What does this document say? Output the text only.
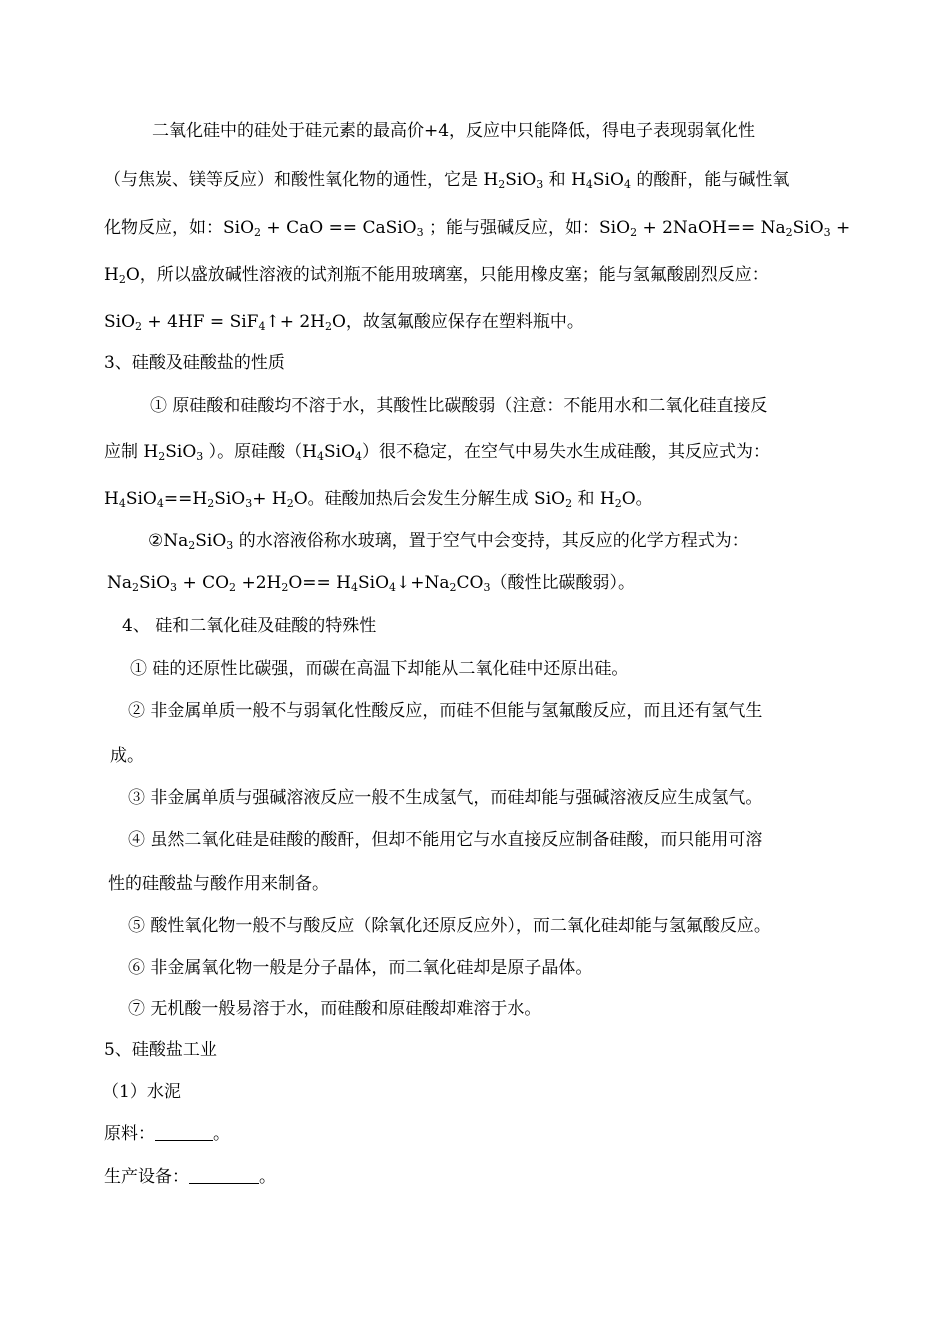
二氧化硅中的硅处于硅元素的最高价+4，反应中只能降低，得电子表现弱氧化性
（与焦炭、镁等反应）和酸性氧化物的通性，它是 $H_2SiO_3$ 和 $H_4SiO_4$ 的酸酐，能与碱性氧
化物反应，如：SiO$_2$ + CaO == CaSiO$_3$ ；能与强碱反应，如：SiO$_2$ + 2NaOH== $Na_2SiO_3$ +
$H_2O$，所以盛放碱性溶液的试剂瓶不能用玻璃塞，只能用橡皮塞；能与氢氟酸剧烈反应：
SiO$_2$ + 4HF = SiF$_4$↑+ $2H_2O$，故氢氟酸应保存在塑料瓶中。
3、硅酸及硅酸盐的性质
① 原硅酸和硅酸均不溶于水，其酸性比碳酸弱（注意：不能用水和二氧化硅直接反
应制 $H_2SiO_3$ ）。原硅酸$(H_4SiO_4)$很不稳定，在空气中易失水生成硅酸，其反应式为：
$H_4SiO_4==H_2SiO_3+ H_2O$。硅酸加热后会发生分解生成 SiO$_2$ 和 $H_2O$。
$②Na_2SiO_3$ 的水溶液俗称水玻璃，置于空气中会变持，其反应的化学方程式为：
$Na_2SiO_3 + CO_2 +2H_2O==$ $H_4SiO_4↓+Na_2CO_3$（酸性比碳酸弱）。
4、 硅和二氧化硅及硅酸的特殊性
① 硅的还原性比碳强，而碳在高温下却能从二氧化硅中还原出硅。
② 非金属单质一般不与弱氧化性酸反应，而硅不但能与氢氟酸反应，而且还有氢气生
成。
③ 非金属单质与强碱溶液反应一般不生成氢气，而硅却能与强碱溶液反应生成氢气。
④ 虽然二氧化硅是硅酸的酸酐，但却不能用它与水直接反应制备硅酸，而只能用可溶
性的硅酸盐与酸作用来制备。
⑤ 酸性氧化物一般不与酸反应（除氧化还原反应外），而二氧化硅却能与氢氟酸反应。
⑥ 非金属氧化物一般是分子晶体，而二氧化硅却是原子晶体。
⑦ 无机酸一般易溶于水，而硅酸和原硅酸却难溶于水。
5、硅酸盐工业
（1）水泥
原料：	。
生产设备：	。
